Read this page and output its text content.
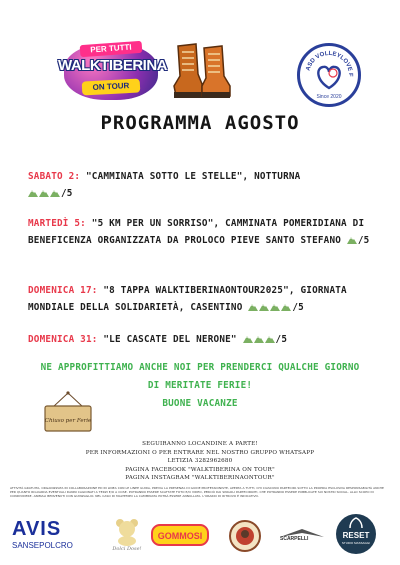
PER TUTTI
WALKTIBERINA
ON TOUR
ASD VOLLEYLOVE F
Since 2020
PROGRAMMA AGOSTO
SABATO 2: "CAMMINATA SOTTO LE STELLE", NOTTURNA
/5
MARTEDÌ 5: "5 KM PER UN SORRISO", CAMMINATA POMERIDIANA DI BENEFICENZA ORGANIZZATA DA PROLOCO PIEVE SANTO STEFANO /5
DOMENICA 17: "8 TAPPA WALKTIBERINAONTOUR2025", GIORNATA MONDIALE DELLA SOLIDARIETÀ, CASENTINO	/5
DOMENICA 31: "LE CASCATE DEL NERONE"	/5
NE APPROFITTIAMO ANCHE NOI PER PRENDERCI QUALCHE GIORNO
DI MERITATE FERIE!
BUONE VACANZE
Chiuso per Ferie
SEGUIRANNO LOCANDINE A PARTE!
PER INFORMAZIONI O PER ENTRARE NEL NOSTRO GRUPPO WHATSAPP
LETIZIA 3282962680
PAGINA FACEBOOK "WALKTIBERINA ON TOUR"
PAGINA INSTAGRAM "WALKTIBERINAONTOUR"
ATTIVITÀ GRATUITA, ORGANIZZATA IN COLLABORAZIONE ED IN LINEA CON LE LINEE GUIDA, PREVIA LA PRESENZA DI GUIDE PROFESSIONISTE, APERTA A TUTTI, CHI CIASCUNO PARTECIPA SOTTO LA PROPRIA ESCLUSIVA RESPONSABILITÀ ANCHE PER QUANTO RIGUARDA EVENTUALI DANNI CAGIONATI A TERZI E/O A COSE. POTRANNO ESSERE SCATTATE FOTO E/O VIDEO, PERCIÒ DAI SINGOLI PARTECIPANTI, CHE POTRANNO ESSERE PUBBLICATE SUI NOSTRI SOCIAL. ALLO SCOPO DI CONDIVIDERE. ANIMALI BENVENUTI CON GUINZAGLIO. NEL CASO DI MALTEMPO LA CAMMINATA POTRÀ ESSERE ANNULLATA. L'ORARIO DI RITROVO È INDICATIVO.
AVIS
SANSEPOLCRO	Dolci Dose!
GOMMOSI	SCARPELLI	RESET
STUDIO MASSAGGI
